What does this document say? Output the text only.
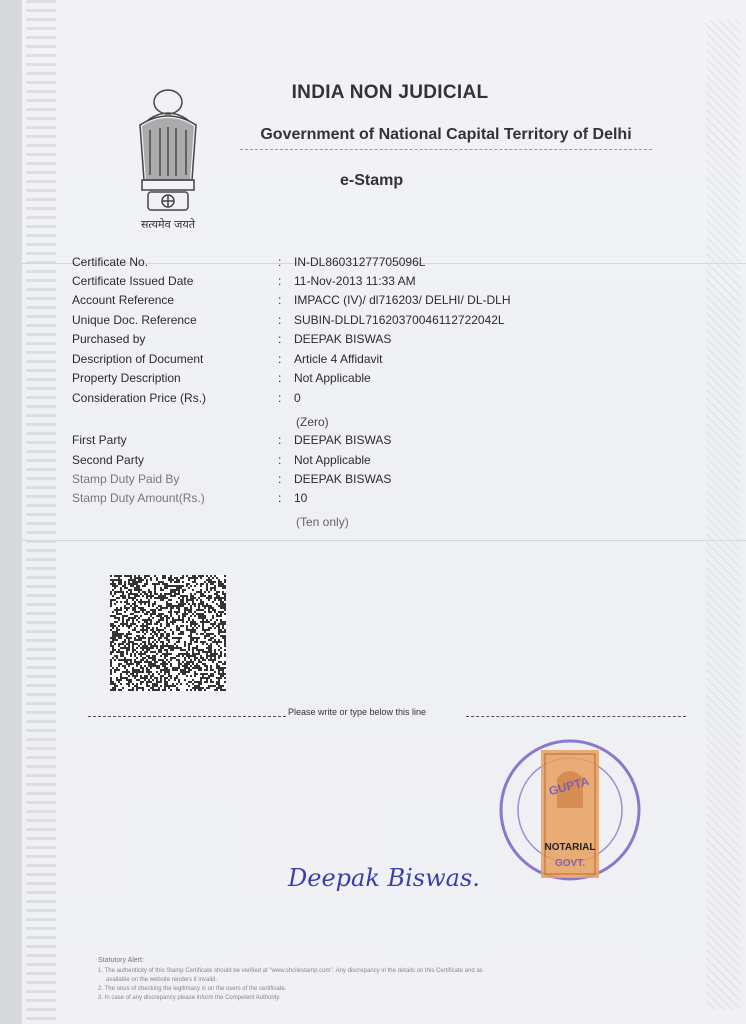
सत्यमेव जयते
INDIA NON JUDICIAL
Government of National Capital Territory of Delhi
e-Stamp
Certificate No.	: IN-DL86031277705096L
Certificate Issued Date	: 11-Nov-2013 11:33 AM
Account Reference	: IMPACC (IV)/ dl716203/ DELHI/ DL-DLH
Unique Doc. Reference	: SUBIN-DLDL71620370046112722042L
Purchased by	: DEEPAK BISWAS
Description of Document	: Article 4 Affidavit
Property Description	: Not Applicable
Consideration Price (Rs.)	: 0
(Zero)
First Party	: DEEPAK BISWAS
Second Party	: Not Applicable
Stamp Duty Paid By	: DEEPAK BISWAS
Stamp Duty Amount(Rs.)	: 10
(Ten only)
Please write or type below this line
NOTARIAL
GUPTA
GOVT.
Deepak Biswas.
Statutory Alert:
1. The authenticity of this Stamp Certificate should be verified at "www.shcilestamp.com". Any discrepancy in the details on this Certificate and as
available on the website renders it invalid.
2. The onus of checking the legitimacy is on the users of the certificate.
3. In case of any discrepancy please inform the Competent Authority.
